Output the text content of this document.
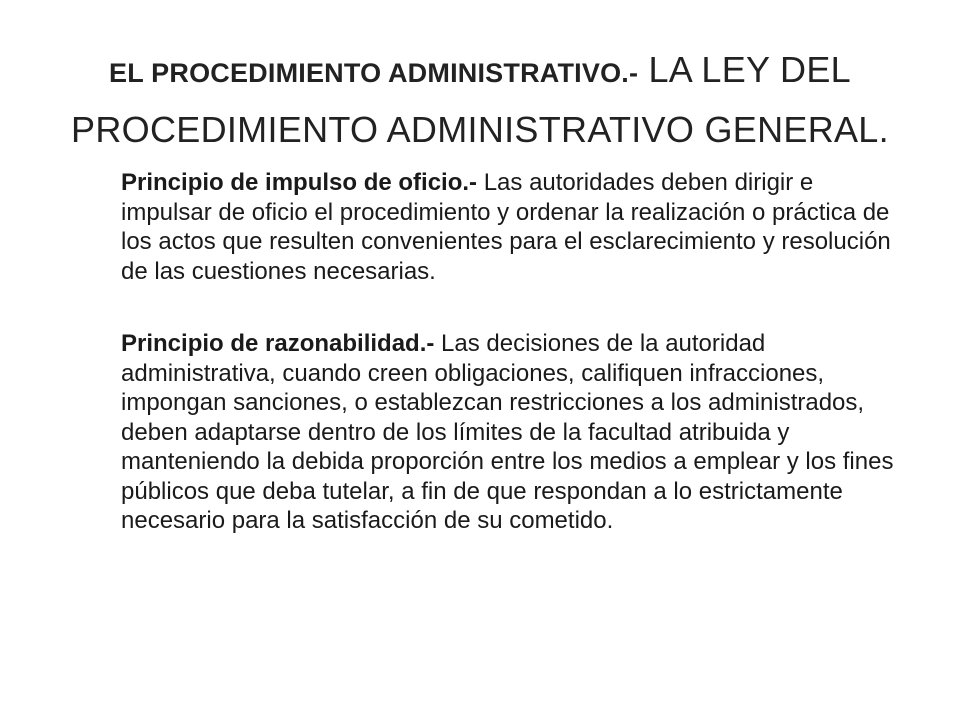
EL PROCEDIMIENTO ADMINISTRATIVO.- LA LEY DEL
PROCEDIMIENTO ADMINISTRATIVO GENERAL.
Principio de impulso de oficio.- Las autoridades deben dirigir e impulsar de oficio el procedimiento y ordenar la realización o práctica de los actos que resulten convenientes para el esclarecimiento y resolución de las cuestiones necesarias.
Principio de razonabilidad.- Las decisiones de la autoridad administrativa, cuando creen obligaciones, califiquen infracciones, impongan sanciones, o establezcan restricciones a los administrados, deben adaptarse dentro de los límites de la facultad atribuida y manteniendo la debida proporción entre los medios a emplear y los fines públicos que deba tutelar, a fin de que respondan a lo estrictamente necesario para la satisfacción de su cometido.
